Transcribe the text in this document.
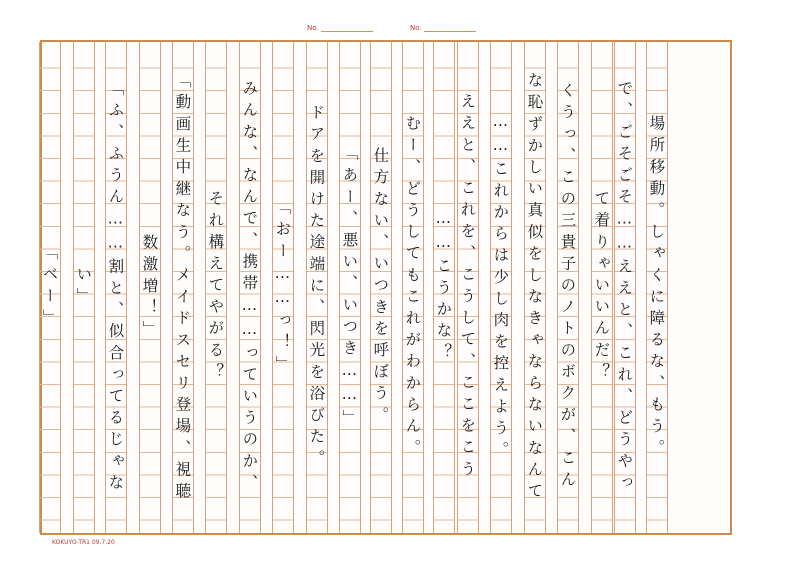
No.	No.
場所移動。しゃくに障るな、もう。
で、ごそごそ……ええと、これ、どうやっ
て着りゃいいんだ？
くうっ、この三貴子のノトのボクが、こん
な恥ずかしい真似をしなきゃならないなんて
……これからは少し肉を控えよう。
ええと、これを、こうして、ここをこう
……こうかな？
むー、どうしてもこれがわからん。
仕方ない、いつきを呼ぼう。
「あー、悪い、いつき……」
ドアを開けた途端に、閃光を浴びた。
「おー……っ！」
みんな、なんで、携帯……っていうのか、
それ構えてやがる？
「動画生中継なう。メイドスセリ登場、視聴
数激増！」
「ふ、ふうん……割と、似合ってるじゃな
い」
「ベー」
KOKUYO-TR1 09.7.20
